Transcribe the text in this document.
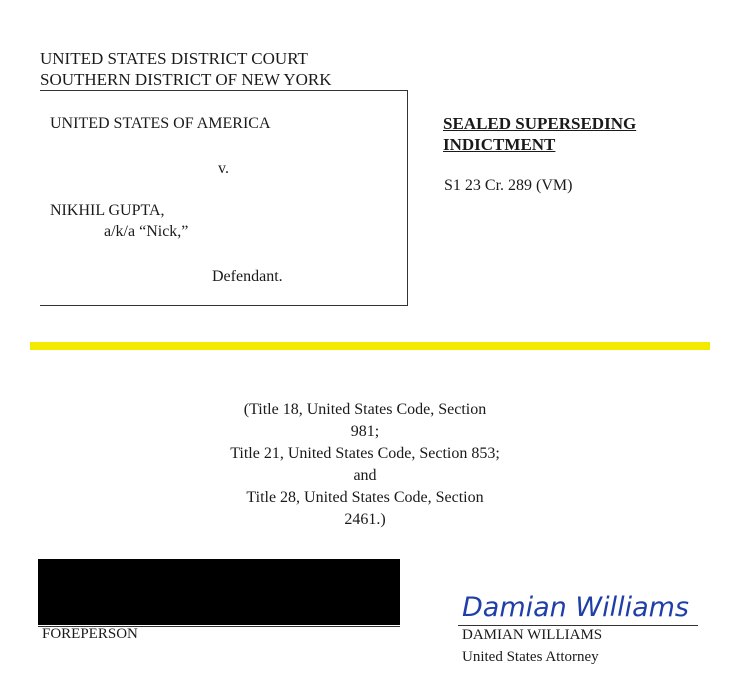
UNITED STATES DISTRICT COURT
SOUTHERN DISTRICT OF NEW YORK
UNITED STATES OF AMERICA
v.
NIKHIL GUPTA,
a/k/a “Nick,”
Defendant.
SEALED SUPERSEDING
INDICTMENT
S1 23 Cr. 289 (VM)
(Title 18, United States Code, Section 981;
Title 21, United States Code, Section 853; and
Title 28, United States Code, Section 2461.)
FOREPERSON
Damian Williams
DAMIAN WILLIAMS
United States Attorney
